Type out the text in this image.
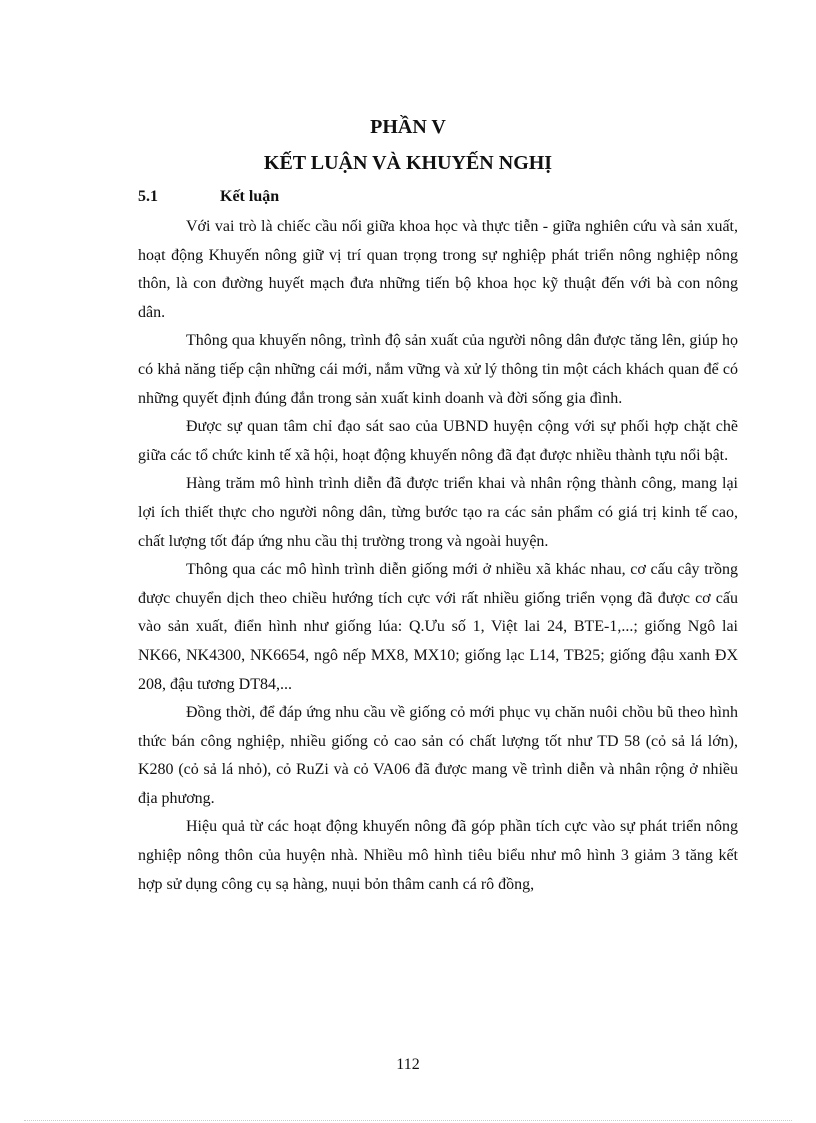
PHẦN V
KẾT LUẬN VÀ KHUYẾN NGHỊ
5.1	Kết luận

Với vai trò là chiếc cầu nối giữa khoa học và thực tiễn - giữa nghiên cứu và sản xuất, hoạt động Khuyến nông giữ vị trí quan trọng trong sự nghiệp phát triển nông nghiệp nông thôn, là con đường huyết mạch đưa những tiến bộ khoa học kỹ thuật đến với bà con nông dân.

Thông qua khuyến nông, trình độ sản xuất của người nông dân được tăng lên, giúp họ có khả năng tiếp cận những cái mới, nắm vững và xử lý thông tin một cách khách quan để có những quyết định đúng đắn trong sản xuất kinh doanh và đời sống gia đình.

Được sự quan tâm chỉ đạo sát sao của UBND huyện cộng với sự phối hợp chặt chẽ giữa các tổ chức kinh tế xã hội, hoạt động khuyến nông đã đạt được nhiều thành tựu nổi bật.

Hàng trăm mô hình trình diễn đã được triển khai và nhân rộng thành công, mang lại lợi ích thiết thực cho người nông dân, từng bước tạo ra các sản phẩm có giá trị kinh tế cao, chất lượng tốt đáp ứng nhu cầu thị trường trong và ngoài huyện.

Thông qua các mô hình trình diễn giống mới ở nhiều xã khác nhau, cơ cấu cây trồng được chuyển dịch theo chiều hướng tích cực với rất nhiều giống triển vọng đã được cơ cấu vào sản xuất, điển hình như giống lúa: Q.Ưu số 1, Việt lai 24, BTE-1,...; giống Ngô lai NK66, NK4300, NK6654, ngô nếp MX8, MX10; giống lạc L14, TB25; giống đậu xanh ĐX 208, đậu tương DT84,...

Đồng thời, để đáp ứng nhu cầu về giống cỏ mới phục vụ chăn nuôi chồu bũ theo hình thức bán công nghiệp, nhiều giống cỏ cao sản có chất lượng tốt như TD 58 (cỏ sả lá lớn), K280 (cỏ sả lá nhỏ), cỏ RuZi và cỏ VA06 đã được mang về trình diễn và nhân rộng ở nhiều địa phương.

Hiệu quả từ các hoạt động khuyến nông đã góp phần tích cực vào sự phát triển nông nghiệp nông thôn của huyện nhà. Nhiều mô hình tiêu biểu như mô hình 3 giảm 3 tăng kết hợp sử dụng công cụ sạ hàng, nuụi bỏn thâm canh cá rô đồng,

112
